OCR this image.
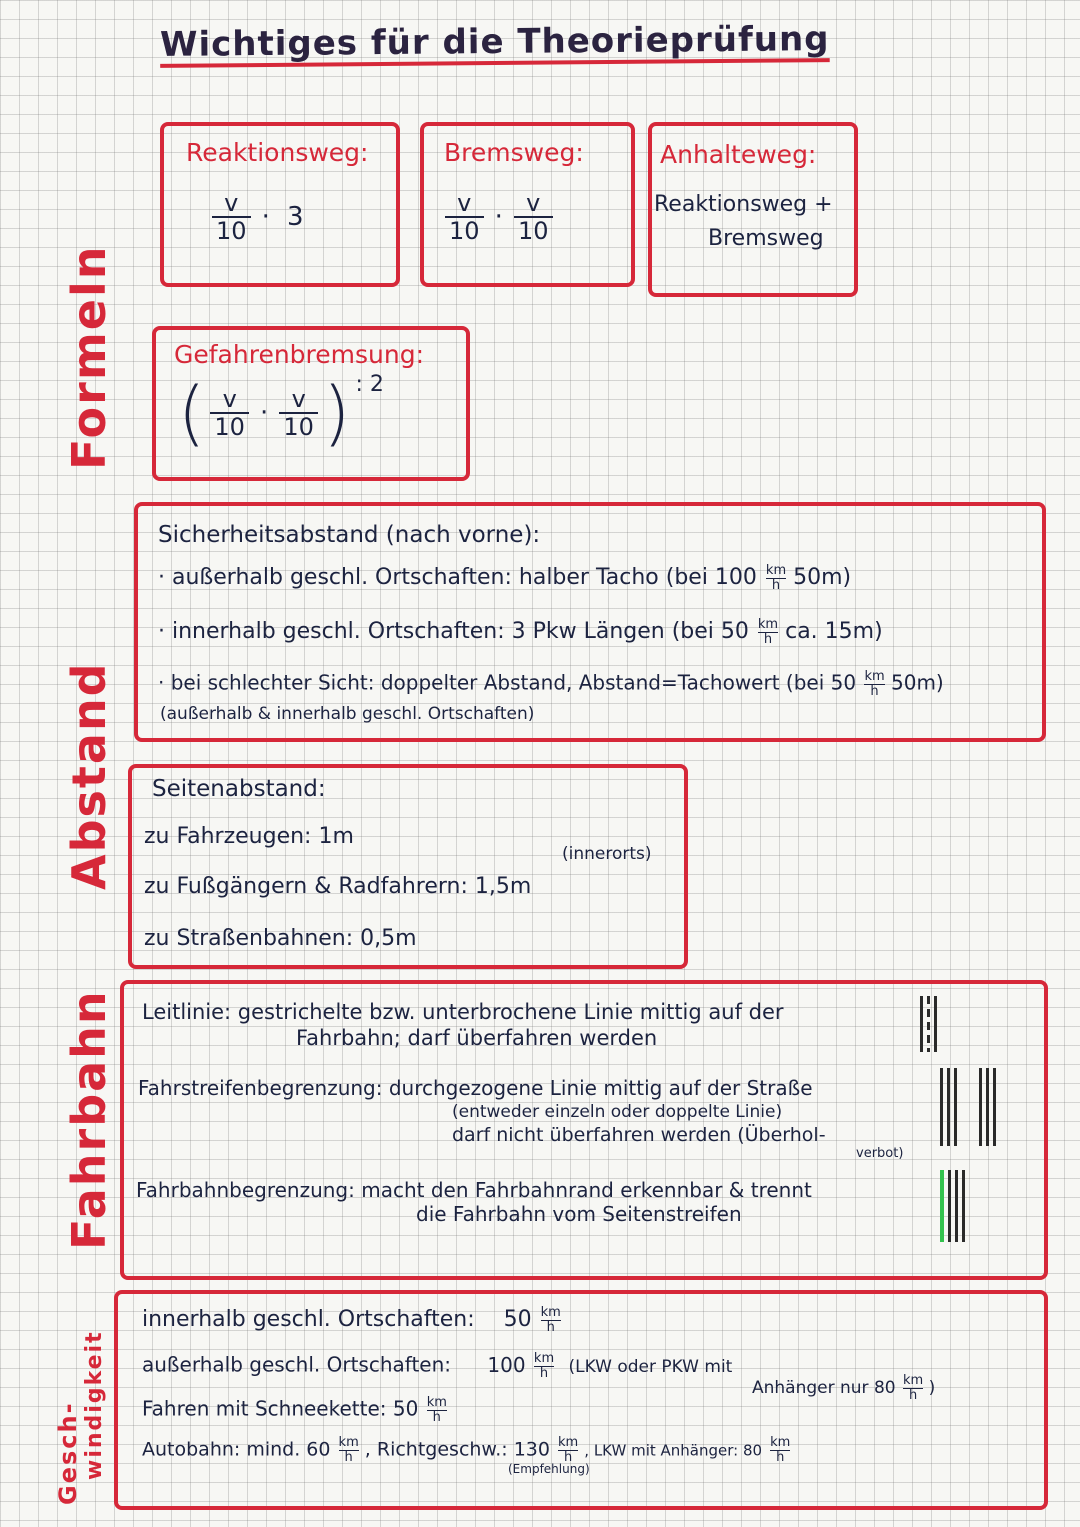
Wichtiges für die Theorieprüfung
Formeln
Abstand
Fahrbahn
Gesch- windigkeit
Reaktionsweg:
$\frac{v}{10} \cdot 3$
Bremsweg:
$\frac{v}{10} \cdot \frac{v}{10}$
Anhalteweg:
Reaktionsweg +
Bremsweg
Gefahrenbremsung:
( $\frac{v}{10} \cdot \frac{v}{10}$ ) : 2
Sicherheitsabstand (nach vorne):
· außerhalb geschl. Ortschaften: halber Tacho (bei $100 \frac{km}{h} 50m$)
· innerhalb geschl. Ortschaften: 3 Pkw Längen (bei $50 \frac{km}{h}$ ca. 15m)
· bei schlechter Sicht: doppelter Abstand, Abstand=Tachowert (bei $50 \frac{km}{h} 50m$)
(außerhalb & innerhalb geschl. Ortschaften)
Seitenabstand:
zu Fahrzeugen: 1m
(innerorts)
zu Fußgängern & Radfahrern: 1,5m
zu Straßenbahnen: 0,5m
Leitlinie: gestrichelte bzw. unterbrochene Linie mittig auf der
Fahrbahn; darf überfahren werden
Fahrstreifenbegrenzung: durchgezogene Linie mittig auf der Straße
(entweder einzeln oder doppelte Linie)
darf nicht überfahren werden (Überhol-
verbot)
Fahrbahnbegrenzung: macht den Fahrbahnrand erkennbar & trennt
die Fahrbahn vom Seitenstreifen
innerhalb geschl. Ortschaften: $50 \frac{km}{h}$
außerhalb geschl. Ortschaften: $100 \frac{km}{h} (LKW$ oder PKW mit
Anhänger nur $80 \frac{km}{h}$ )
Fahren mit Schneekette: $50 \frac{km}{h}$
Autobahn: mind. $60 \frac{km}{h}$ , Richtgeschw.: $130 \frac{km}{h}$ , LKW mit Anhänger: $80 \frac{km}{h}$
(Empfehlung)
